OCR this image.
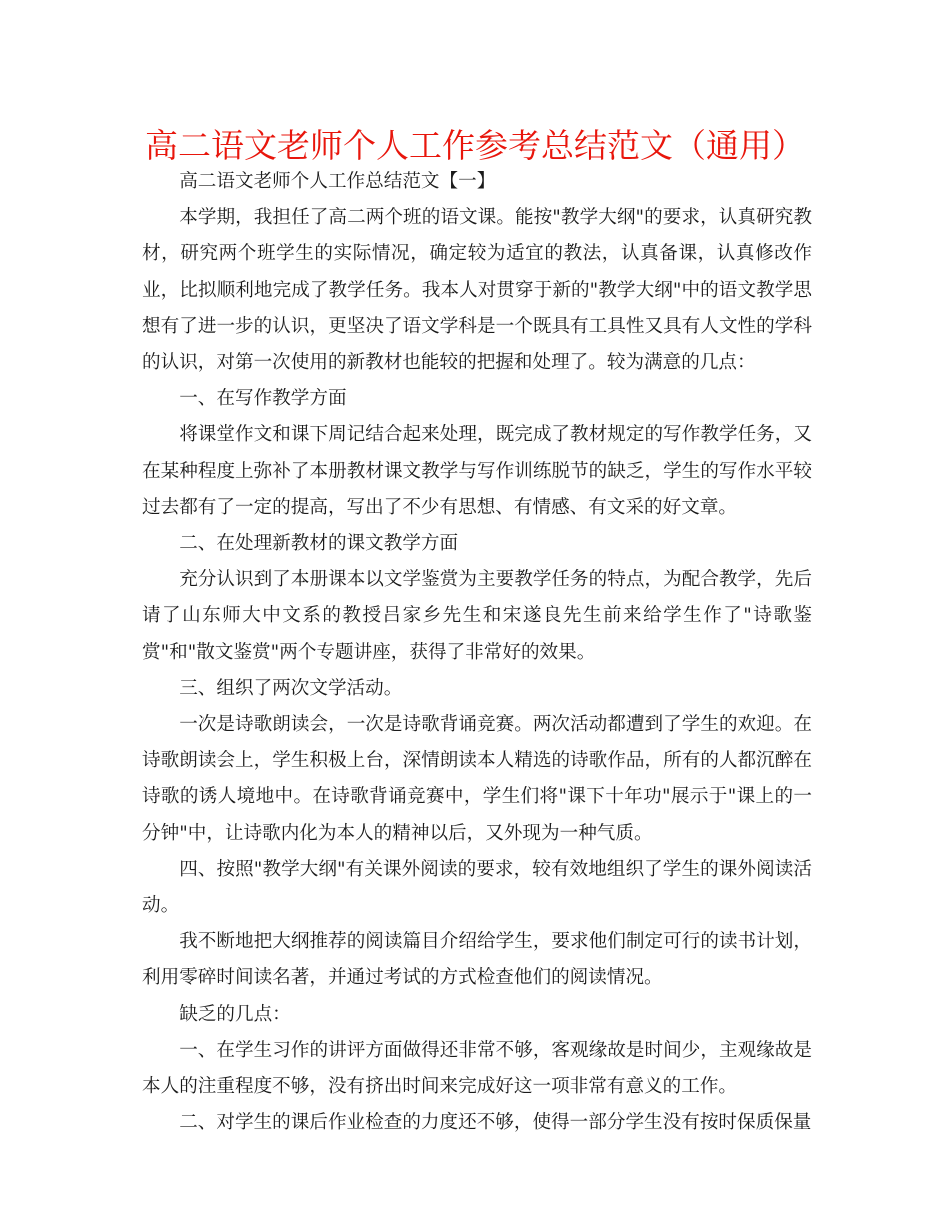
高二语文老师个人工作参考总结范文（通用）

高二语文老师个人工作总结范文【一】

本学期，我担任了高二两个班的语文课。能按"教学大纲"的要求，认真研究教材，研究两个班学生的实际情况，确定较为适宜的教法，认真备课，认真修改作业，比拟顺利地完成了教学任务。我本人对贯穿于新的"教学大纲"中的语文教学思想有了进一步的认识，更坚决了语文学科是一个既具有工具性又具有人文性的学科的认识，对第一次使用的新教材也能较的把握和处理了。较为满意的几点：

一、在写作教学方面

将课堂作文和课下周记结合起来处理，既完成了教材规定的写作教学任务，又在某种程度上弥补了本册教材课文教学与写作训练脱节的缺乏，学生的写作水平较过去都有了一定的提高，写出了不少有思想、有情感、有文采的好文章。

二、在处理新教材的课文教学方面

充分认识到了本册课本以文学鉴赏为主要教学任务的特点，为配合教学，先后请了山东师大中文系的教授吕家乡先生和宋遂良先生前来给学生作了"诗歌鉴赏"和"散文鉴赏"两个专题讲座，获得了非常好的效果。

三、组织了两次文学活动。

一次是诗歌朗读会，一次是诗歌背诵竞赛。两次活动都遭到了学生的欢迎。在诗歌朗读会上，学生积极上台，深情朗读本人精选的诗歌作品，所有的人都沉醉在诗歌的诱人境地中。在诗歌背诵竞赛中，学生们将"课下十年功"展示于"课上的一分钟"中，让诗歌内化为本人的精神以后，又外现为一种气质。

四、按照"教学大纲"有关课外阅读的要求，较有效地组织了学生的课外阅读活动。

我不断地把大纲推荐的阅读篇目介绍给学生，要求他们制定可行的读书计划，利用零碎时间读名著，并通过考试的方式检查他们的阅读情况。

缺乏的几点：

一、在学生习作的讲评方面做得还非常不够，客观缘故是时间少，主观缘故是本人的注重程度不够，没有挤出时间来完成好这一项非常有意义的工作。

二、对学生的课后作业检查的力度还不够，使得一部分学生没有按时保质保量
